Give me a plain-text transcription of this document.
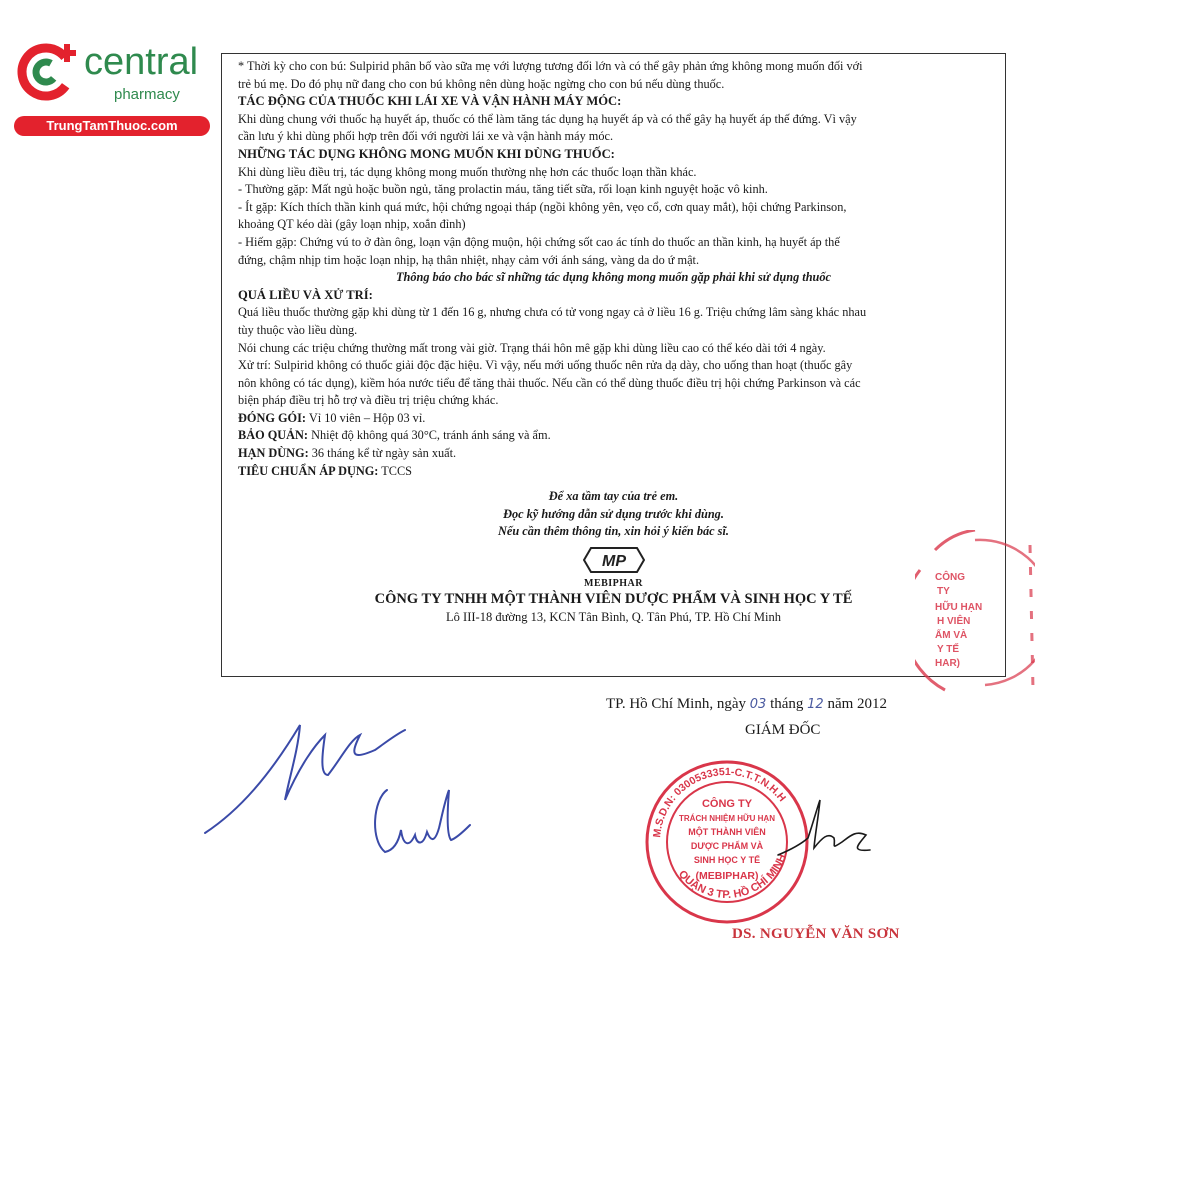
central
pharmacy
TrungTamThuoc.com

* Thời kỳ cho con bú: Sulpirid phân bố vào sữa mẹ với lượng tương đối lớn và có thể gây phản ứng không mong muốn đối với

trẻ bú mẹ. Do đó phụ nữ đang cho con bú không nên dùng hoặc ngừng cho con bú nếu dùng thuốc.

TÁC ĐỘNG CỦA THUỐC KHI LÁI XE VÀ VẬN HÀNH MÁY MÓC:

Khi dùng chung với thuốc hạ huyết áp, thuốc có thể làm tăng tác dụng hạ huyết áp và có thể gây hạ huyết áp thế đứng. Vì vậy

cần lưu ý khi dùng phối hợp trên đối với người lái xe và vận hành máy móc.

NHỮNG TÁC DỤNG KHÔNG MONG MUỐN KHI DÙNG THUỐC:

Khi dùng liều điều trị, tác dụng không mong muốn thường nhẹ hơn các thuốc loạn thần khác.

- Thường gặp: Mất ngủ hoặc buồn ngủ, tăng prolactin máu, tăng tiết sữa, rối loạn kinh nguyệt hoặc vô kinh.

- Ít gặp: Kích thích thần kinh quá mức, hội chứng ngoại tháp (ngồi không yên, vẹo cổ, cơn quay mắt), hội chứng Parkinson,

khoảng QT kéo dài (gây loạn nhịp, xoắn đỉnh)

- Hiếm gặp: Chứng vú to ở đàn ông, loạn vận động muộn, hội chứng sốt cao ác tính do thuốc an thần kinh, hạ huyết áp thế

đứng, chậm nhịp tim hoặc loạn nhịp, hạ thân nhiệt, nhạy cảm với ánh sáng, vàng da do ứ mật.

Thông báo cho bác sĩ những tác dụng không mong muốn gặp phải khi sử dụng thuốc

QUÁ LIỀU VÀ XỬ TRÍ:

Quá liều thuốc thường gặp khi dùng từ 1 đến 16 g, nhưng chưa có tử vong ngay cả ở liều 16 g. Triệu chứng lâm sàng khác nhau

tùy thuộc vào liều dùng.

Nói chung các triệu chứng thường mất trong vài giờ. Trạng thái hôn mê gặp khi dùng liều cao có thể kéo dài tới 4 ngày.

Xử trí: Sulpirid không có thuốc giải độc đặc hiệu. Vì vậy, nếu mới uống thuốc nên rửa dạ dày, cho uống than hoạt (thuốc gây

nôn không có tác dụng), kiềm hóa nước tiểu để tăng thải thuốc. Nếu cần có thể dùng thuốc điều trị hội chứng Parkinson và các

biện pháp điều trị hỗ trợ và điều trị triệu chứng khác.

ĐÓNG GÓI: Vỉ 10 viên – Hộp 03 vỉ.

BẢO QUẢN: Nhiệt độ không quá 30°C, tránh ánh sáng và ẩm.

HẠN DÙNG: 36 tháng kể từ ngày sản xuất.

TIÊU CHUẨN ÁP DỤNG: TCCS

Để xa tầm tay của trẻ em.

Đọc kỹ hướng dẫn sử dụng trước khi dùng.

Nếu cần thêm thông tin, xin hỏi ý kiến bác sĩ.

MP
MEBIPHAR
CÔNG TY TNHH MỘT THÀNH VIÊN DƯỢC PHẨM VÀ SINH HỌC Y TẾ
Lô III-18 đường 13, KCN Tân Bình, Q. Tân Phú, TP. Hồ Chí Minh
CÔNG
TY
HỮU HẠN
H VIÊN
ẨM VÀ
Y TẾ
HAR)
TP. Hồ Chí Minh, ngày 03 tháng 12 năm 2012
GIÁM ĐỐC
M.S.D.N: 0300533351-C.T.T.N.H.H
QUẬN 3 TP. HỒ CHÍ MINH
CÔNG TY
TRÁCH NHIỆM HỮU HẠN
MỘT THÀNH VIÊN
DƯỢC PHẨM VÀ
SINH HỌC Y TẾ
(MEBIPHAR)
DS. NGUYỄN VĂN SƠN
